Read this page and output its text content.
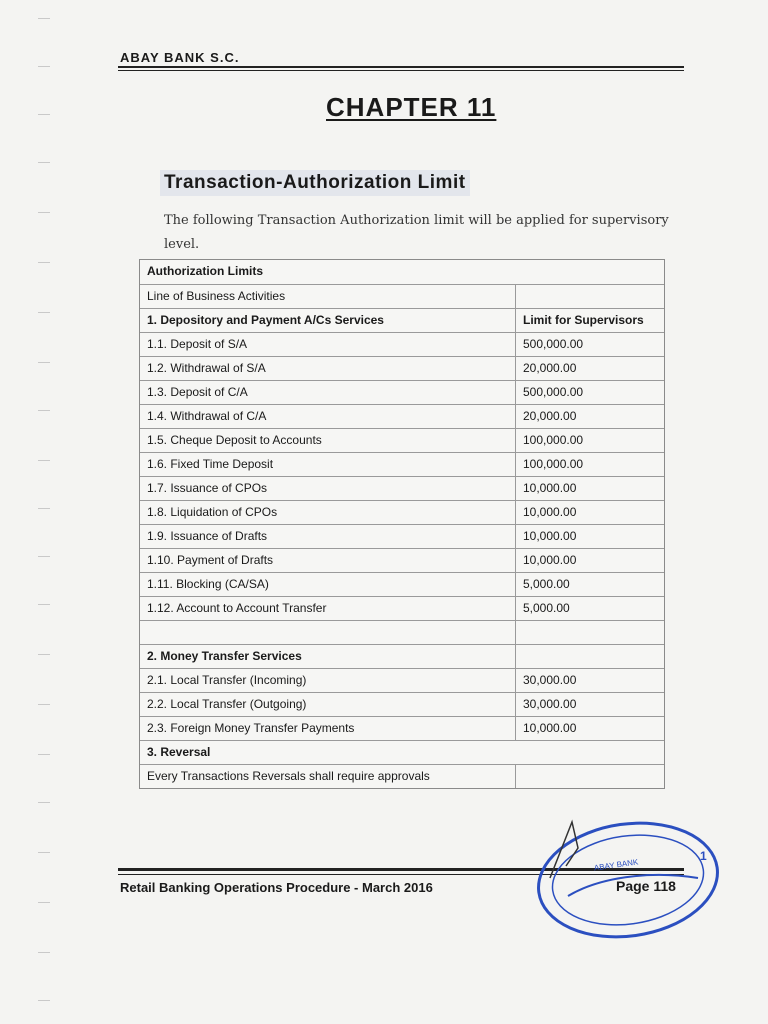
ABAY BANK S.C.
CHAPTER 11
Transaction-Authorization Limit
The following Transaction Authorization limit will be applied for supervisory level.
Authorization Limits
Line of Business Activities
1. Depository and Payment A/Cs Services	Limit for Supervisors
1.1. Deposit of S/A	500,000.00
1.2. Withdrawal of S/A	20,000.00
1.3. Deposit of C/A	500,000.00
1.4. Withdrawal of C/A	20,000.00
1.5. Cheque Deposit to Accounts	100,000.00
1.6. Fixed Time Deposit	100,000.00
1.7. Issuance of CPOs	10,000.00
1.8. Liquidation of CPOs	10,000.00
1.9. Issuance of Drafts	10,000.00
1.10. Payment of Drafts	10,000.00
1.11. Blocking (CA/SA)	5,000.00
1.12. Account to Account Transfer	5,000.00
2. Money Transfer Services
2.1. Local Transfer (Incoming)	30,000.00
2.2. Local Transfer (Outgoing)	30,000.00
2.3. Foreign Money Transfer Payments	10,000.00
3. Reversal
Every Transactions Reversals shall require approvals
Retail Banking Operations Procedure - March 2016	Page 118
ABAY BANK
1
